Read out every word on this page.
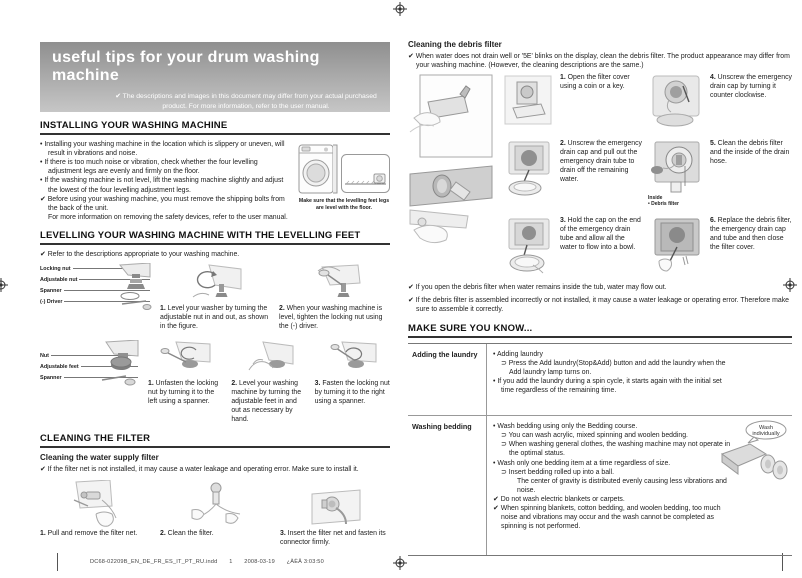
useful tips for your drum washing machine
✔ The descriptions and images in this document may differ from your actual purchased product. For more information, refer to the user manual.
INSTALLING YOUR WASHING MACHINE
• Installing your washing machine in the location which is slippery or uneven, will result in vibrations and noise.
• If there is too much noise or vibration, check whether the four levelling adjustment legs are evenly and firmly on the floor.
• If the washing machine is not level, lift the washing machine slightly and adjust the lowest of the four levelling adjustment legs.
✔ Before using your washing machine, you must remove the shipping bolts from the back of the unit.
For more information on removing the safety devices, refer to the user manual.
Make sure that the levelling feet legs are level with the floor.
LEVELLING YOUR WASHING MACHINE WITH THE LEVELLING FEET
✔ Refer to the descriptions appropriate to your washing machine.
Locking nut
Adjustable nut
Spanner
(-) Driver
1. Level your washer by turning the adjustable nut in and out, as shown in the figure.
2. When your washing machine is level, tighten the locking nut using the (-) driver.
Nut
Adjustable feet
Spanner
1. Unfasten the locking nut by turning it to the left using a spanner.
2. Level your washing machine by turning the adjustable feet in and out as necessary by hand.
3. Fasten the locking nut by turning it to the right using a spanner.
CLEANING THE FILTER
Cleaning the water supply filter
✔ If the filter net is not installed, it may cause a water leakage and operating error. Make sure to install it.
1. Pull and remove the filter net.	2. Clean the filter.	3. Insert the filter net and fasten its connector firmly.
Cleaning the debris filter
✔ When water does not drain well or '5E' blinks on the display, clean the debris filter. The product appearance may differ from your washing machine. (However, the cleaning descriptions are the same.)
1. Open the filter cover using a coin or a key.
4. Unscrew the emergency drain cap by turning it counter clockwise.
2. Unscrew the emergency drain cap and pull out the emergency drain tube to drain off the remaining water.
Inside
• Debris filter
5. Clean the debris filter and the inside of the drain hose.
3. Hold the cap on the end of the emergency drain tube and allow all the water to flow into a bowl.
6. Replace the debris filter, the emergency drain cap and tube and then close the filter cover.
✔ If you open the debris filter when water remains inside the tub, water may flow out.
✔ If the debris filter is assembled incorrectly or not installed, it may cause a water leakage or operating error. Therefore make sure to assemble it correctly.
MAKE SURE YOU KNOW...
Adding the laundry	• Adding laundry
⊃ Press the Add laundry(Stop&Add) button and add the laundry when the Add laundry lamp turns on.
• If you add the laundry during a spin cycle, it starts again with the initial set time regardless of the remaining time.
Washing bedding	• Wash bedding using only the Bedding course.
⊃ You can wash acrylic, mixed spinning and woolen bedding.
⊃ When washing general clothes, the washing machine may not operate in the optimal status.
• Wash only one bedding item at a time regardless of size.
⊃ Insert bedding rolled up into a ball.
The center of gravity is distributed evenly causing less vibrations and noise.
✔ Do not wash electric blankets or carpets.
✔ When spinning blankets, cotton bedding, and woolen bedding, too much noise and vibrations may occur and the wash cannot be completed as spinning is not performed.
Wash
individually
DC68-02209B_EN_DE_FR_ES_IT_PT_RU.indd 1 2008-03-19 ¿ÀÈÄ 3:03:50
